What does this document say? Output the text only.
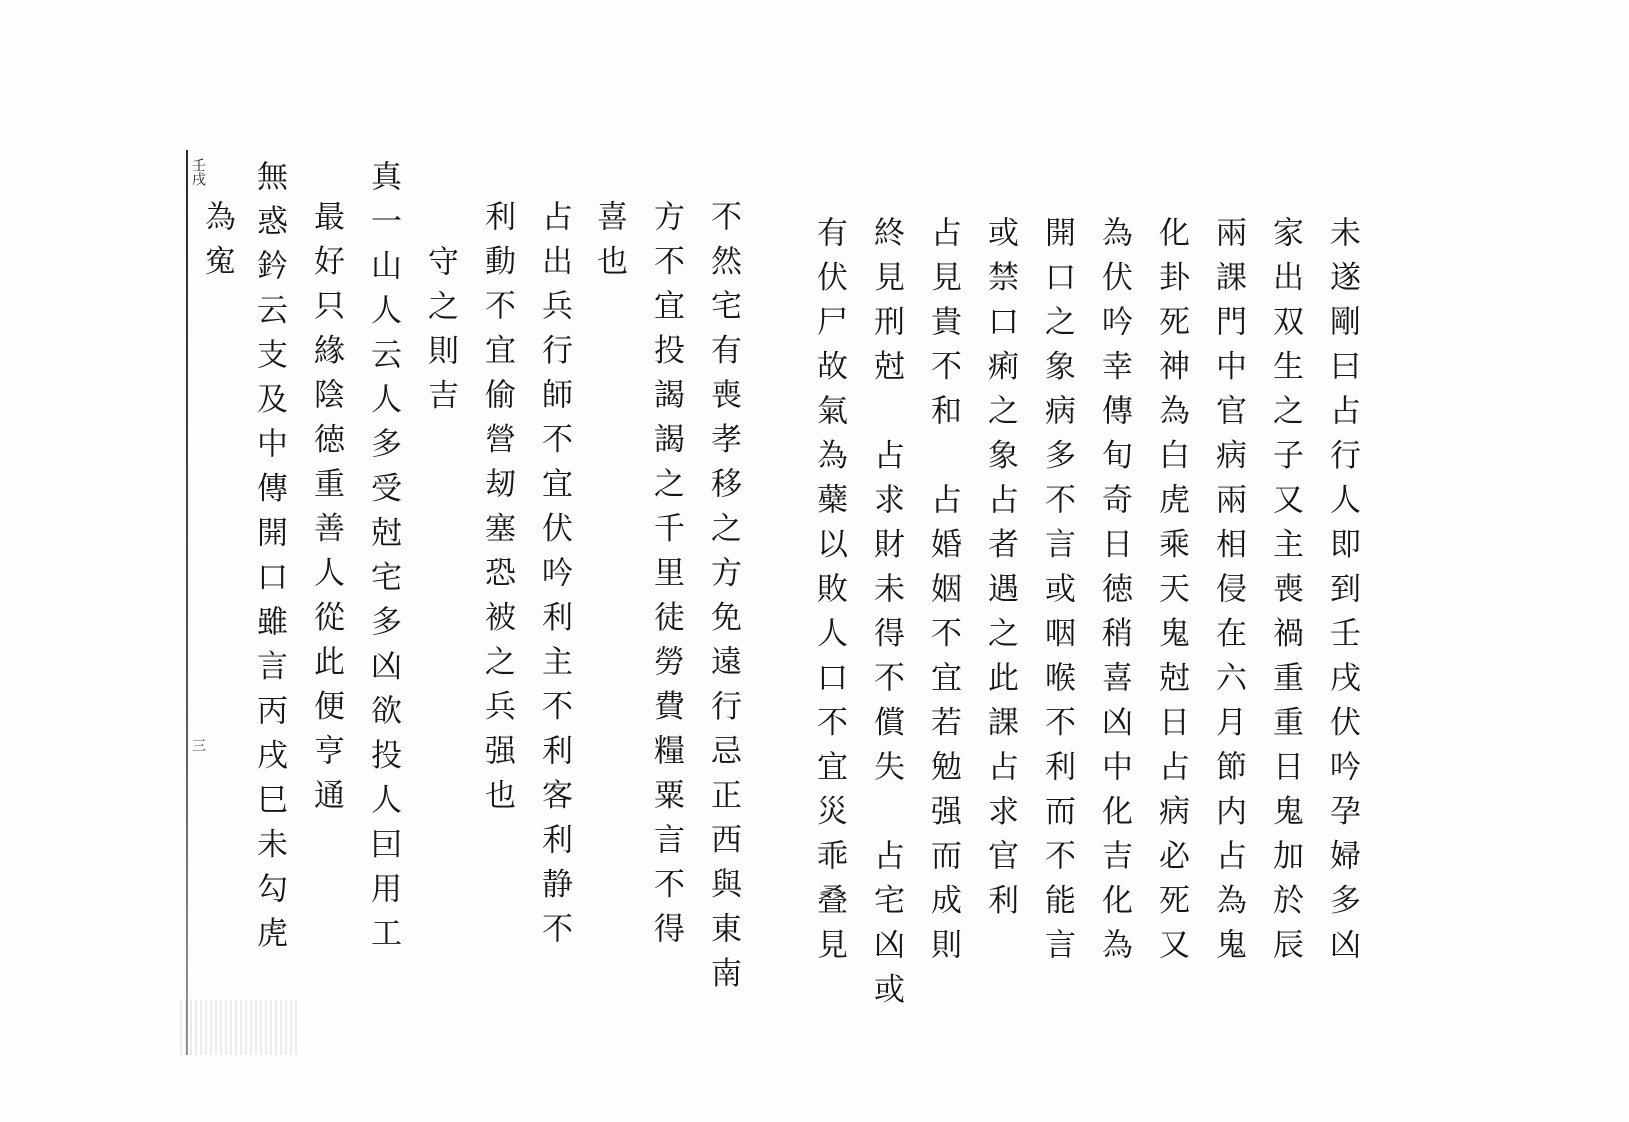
壬戌
三	未遂剛曰占行人即到壬戌伏吟孕婦多凶
家出双生之子又主喪禍重重日鬼加於辰
兩課門中官病兩相侵在六月節内占為鬼
化卦死神為白虎乘天鬼尅日占病必死又
為伏吟幸傳旬奇日徳稍喜凶中化吉化為
開口之象病多不言或咽喉不利而不能言
或禁口痢之象占者遇之此課占求官利
占見貴不和　占婚姻不宜若勉强而成則
終見刑尅　占求財未得不償失　占宅凶或
有伏尸故氣為蘗以敗人口不宜災乖叠見
不然宅有喪孝移之方免遠行忌正西與東南
方不宜投謁謁之千里徒勞費糧粟言不得
喜也
占出兵行師不宜伏吟利主不利客利静不
利動不宜偷營刼塞恐被之兵强也
守之則吉
真一山人云人多受尅宅多凶欲投人囙用工
最好只緣陰徳重善人從此便亨通
無惑鈐云支及中傳開口雖言丙戌巳未勾虎
為寃
